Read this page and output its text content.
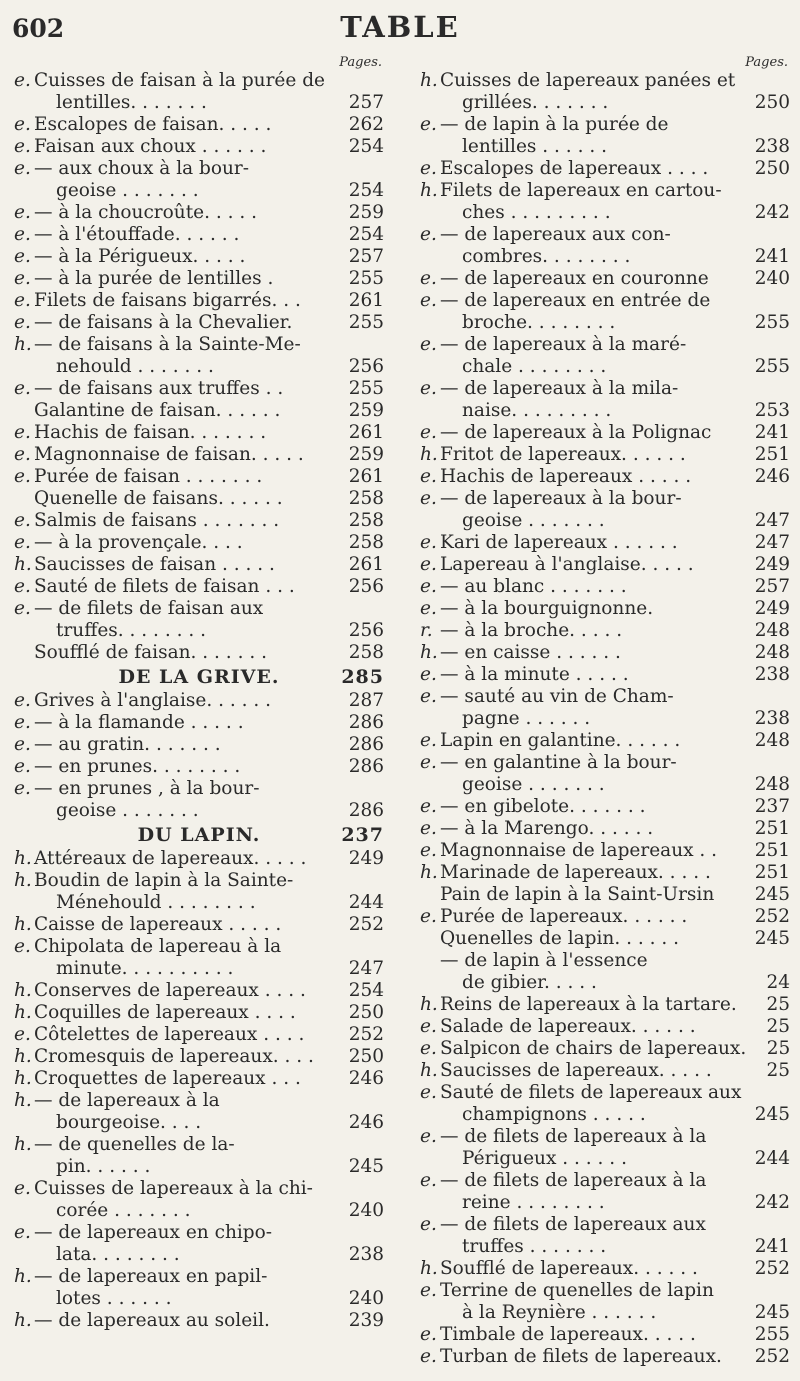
602	TABLE
Pages.
e. Cuisses de faisan à la purée de
lentilles. . . . . . .	257
e. Escalopes de faisan. . . . .	262
e. Faisan aux choux . . . . . .	254
e. — aux choux à la bour-
geoise . . . . . . .	254
e. — à la choucroûte. . . . .	259
e. — à l'étouffade. . . . . .	254
e. — à la Périgueux. . . . .	257
e. — à la purée de lentilles .	255
e. Filets de faisans bigarrés. . .	261
e. — de faisans à la Chevalier.	255
h. — de faisans à la Sainte-Me-
nehould . . . . . . .	256
e. — de faisans aux truffes . .	255
Galantine de faisan. . . . . .	259
e. Hachis de faisan. . . . . . .	261
e. Magnonnaise de faisan. . . . .	259
e. Purée de faisan . . . . . . .	261
Quenelle de faisans. . . . . .	258
e. Salmis de faisans . . . . . . .	258
e. — à la provençale. . . .	258
h. Saucisses de faisan . . . . .	261
e. Sauté de filets de faisan . . .	256
e. — de filets de faisan aux
truffes. . . . . . . .	256
Soufflé de faisan. . . . . . .	258
DE LA GRIVE.	285
e. Grives à l'anglaise. . . . . .	287
e. — à la flamande . . . . .	286
e. — au gratin. . . . . . .	286
e. — en prunes. . . . . . . .	286
e. — en prunes , à la bour-
geoise . . . . . . .	286
DU LAPIN.	237
h. Attéreaux de lapereaux. . . . .	249
h. Boudin de lapin à la Sainte-
Ménehould . . . . . . . .	244
h. Caisse de lapereaux . . . . .	252
e. Chipolata de lapereau à la
minute. . . . . . . . . .	247
h. Conserves de lapereaux . . . .	254
h. Coquilles de lapereaux . . . .	250
e. Côtelettes de lapereaux . . . .	252
h. Cromesquis de lapereaux. . . .	250
h. Croquettes de lapereaux . . .	246
h. — de lapereaux à la
bourgeoise. . . .	246
h. — de quenelles de la-
pin. . . . . .	245
e. Cuisses de lapereaux à la chi-
corée . . . . . . .	240
e. — de lapereaux en chipo-
lata. . . . . . . .	238
h. — de lapereaux en papil-
lotes . . . . . .	240
h. — de lapereaux au soleil.	239
Pages.
h. Cuisses de lapereaux panées et
grillées. . . . . . .	250
e. — de lapin à la purée de
lentilles . . . . . .	238
e. Escalopes de lapereaux . . . .	250
h. Filets de lapereaux en cartou-
ches . . . . . . . . .	242
e. — de lapereaux aux con-
combres. . . . . . . .	241
e. — de lapereaux en couronne	240
e. — de lapereaux en entrée de
broche. . . . . . . .	255
e. — de lapereaux à la maré-
chale . . . . . . . .	255
e. — de lapereaux à la mila-
naise. . . . . . . . .	253
e. — de lapereaux à la Polignac	241
h. Fritot de lapereaux. . . . . .	251
e. Hachis de lapereaux . . . . .	246
e. — de lapereaux à la bour-
geoise . . . . . . .	247
e. Kari de lapereaux . . . . . .	247
e. Lapereau à l'anglaise. . . . .	249
e. — au blanc . . . . . . .	257
e. — à la bourguignonne.	249
r. — à la broche. . . . .	248
h. — en caisse . . . . . .	248
e. — à la minute . . . . .	238
e. — sauté au vin de Cham-
pagne . . . . . .	238
e. Lapin en galantine. . . . . .	248
e. — en galantine à la bour-
geoise . . . . . . .	248
e. — en gibelote. . . . . . .	237
e. — à la Marengo. . . . . .	251
e. Magnonnaise de lapereaux . .	251
h. Marinade de lapereaux. . . . .	251
Pain de lapin à la Saint-Ursin	245
e. Purée de lapereaux. . . . . .	252
Quenelles de lapin. . . . . .	245
— de lapin à l'essence
de gibier. . . . .	24
h. Reins de lapereaux à la tartare.	25
e. Salade de lapereaux. . . . . .	25
e. Salpicon de chairs de lapereaux.	25
h. Saucisses de lapereaux. . . . .	25
e. Sauté de filets de lapereaux aux
champignons . . . . .	245
e. — de filets de lapereaux à la
Périgueux . . . . . .	244
e. — de filets de lapereaux à la
reine . . . . . . . .	242
e. — de filets de lapereaux aux
truffes . . . . . . .	241
h. Soufflé de lapereaux. . . . . .	252
e. Terrine de quenelles de lapin
à la Reynière . . . . . .	245
e. Timbale de lapereaux. . . . .	255
e. Turban de filets de lapereaux.	252
